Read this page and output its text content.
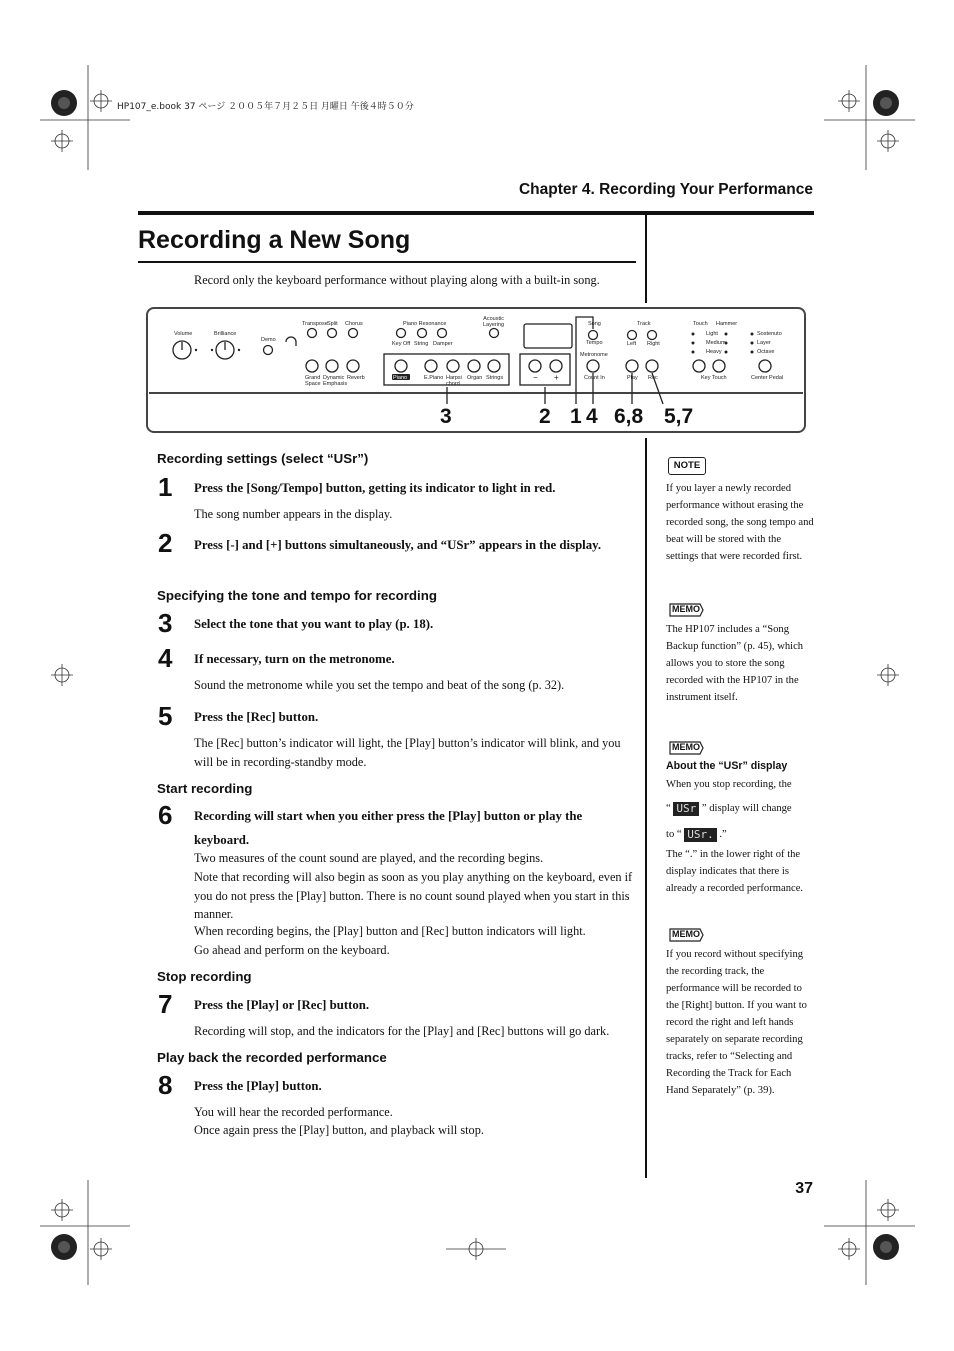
HP107_e.book 37 ページ ２００５年７月２５日 月曜日 午後４時５０分
Chapter 4. Recording Your Performance
Recording a New Song
Record only the keyboard performance without playing along with a built-in song.
Volume	Brilliance
Demo
Transpose Split Chorus	Piano Resonance
Key Off String Damper
Acoustic
Layering
Grand
Space
Dynamic
Emphasis
Reverb	Piano	E.Piano Harpsi
chord
Organ Strings	− +
Song
Tempo
Metronome
Count In
Track
Left Right
Play Rec
Touch Hammer
Light
Medium
Heavy
Key Touch
Sostenuto
Layer
Octave
Center Pedal
3	2 1 4 6,8 5,7
Recording settings (select “USr”)
1 Press the [Song/Tempo] button, getting its indicator to light in red.
The song number appears in the display.
2 Press [-] and [+] buttons simultaneously, and “USr” appears in the display.
Specifying the tone and tempo for recording
3 Select the tone that you want to play (p. 18).
4 If necessary, turn on the metronome.
Sound the metronome while you set the tempo and beat of the song (p. 32).
5 Press the [Rec] button.
The [Rec] button’s indicator will light, the [Play] button’s indicator will blink, and you will be in recording-standby mode.
Start recording
6 Recording will start when you either press the [Play] button or play the keyboard.
Two measures of the count sound are played, and the recording begins.
Note that recording will also begin as soon as you play anything on the keyboard, even if you do not press the [Play] button. There is no count sound played when you start in this manner.
When recording begins, the [Play] button and [Rec] button indicators will light.
Go ahead and perform on the keyboard.
Stop recording
7 Press the [Play] or [Rec] button.
Recording will stop, and the indicators for the [Play] and [Rec] buttons will go dark.
Play back the recorded performance
8 Press the [Play] button.
You will hear the recorded performance.
Once again press the [Play] button, and playback will stop.
NOTE
If you layer a newly recorded performance without erasing the recorded song, the song tempo and beat will be stored with the settings that were recorded first.
MEMO
The HP107 includes a “Song Backup function” (p. 45), which allows you to store the song recorded with the HP107 in the instrument itself.
MEMO
About the “USr” display
When you stop recording, the
“ USr ” display will change
to “ USr. .”
The “.” in the lower right of the display indicates that there is already a recorded performance.
MEMO
If you record without specifying the recording track, the performance will be recorded to the [Right] button. If you want to record the right and left hands separately on separate recording tracks, refer to “Selecting and Recording the Track for Each Hand Separately” (p. 39).
37
